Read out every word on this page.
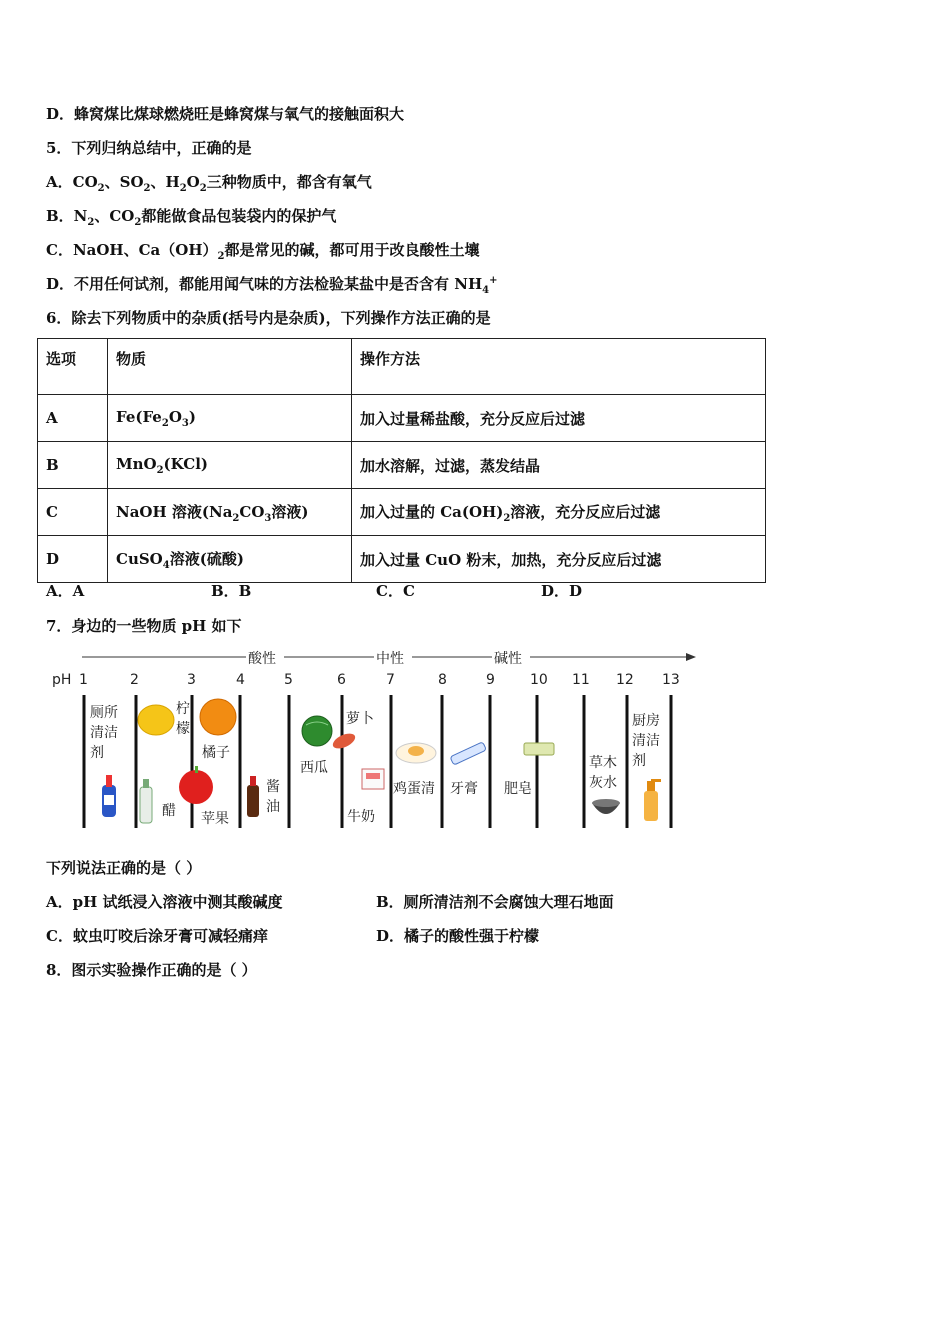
D．蜂窝煤比煤球燃烧旺是蜂窝煤与氧气的接触面积大
5．下列归纳总结中，正确的是
A．$CO_2$、$SO_2$、$H_2O_2$三种物质中，都含有氧气
B．$N_2$、$CO_2$都能做食品包装袋内的保护气
C．NaOH、$Ca(OH)_2$都是常见的碱，都可用于改良酸性土壤
D．不用任何试剂，都能用闻气味的方法检验某盐中是否含有 $NH_4^+$
6．除去下列物质中的杂质(括号内是杂质)，下列操作方法正确的是
选项	物质	操作方法
A	$Fe(Fe_2O_3)$	加入过量稀盐酸，充分反应后过滤
B	MnO$_2$(KCl)	加水溶解，过滤，蒸发结晶
C	NaOH 溶液($Na_2CO_3$溶液)	加入过量的 $Ca(OH)_2$溶液，充分反应后过滤
D	CuSO$_4$溶液(硫酸)	加入过量 CuO 粉末，加热，充分反应后过滤
A．A	B．B	C．C	D．D
7．身边的一些物质 pH 如下
酸性	中性	碱性
pH 1	2	3	4	5	6	7	8	9	10 11 12 13
厕所
清洁
剂
柠
檬
醋 苹果
橘子
酱
油
西瓜
萝卜
牛奶
鸡蛋清 牙膏 肥皂
草木
灰水
厨房
清洁
剂
下列说法正确的是（ ）
A．pH 试纸浸入溶液中测其酸碱度	B．厕所清洁剂不会腐蚀大理石地面
C．蚊虫叮咬后涂牙膏可减轻痛痒	D．橘子的酸性强于柠檬
8．图示实验操作正确的是（ ）
